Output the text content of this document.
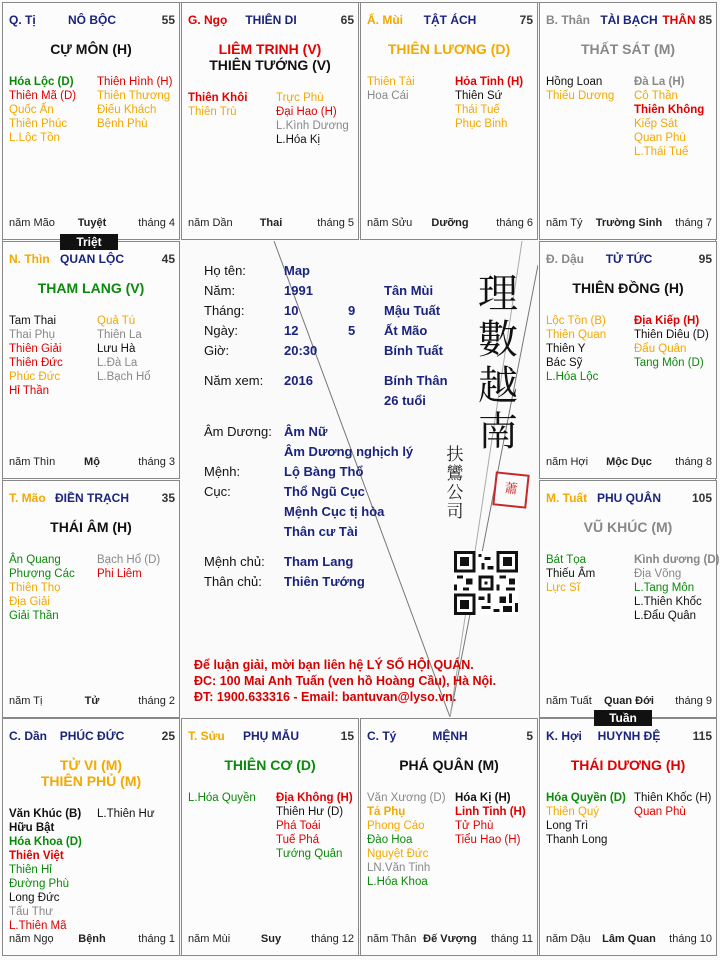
NÔ BỘC
Q. Tị	55
CỰ MÔN (H)
Hóa Lộc (D)
Thiên Mã (D)
Quốc Ấn
Thiên Phúc
L.Lộc Tồn
Thiên Hình (H)
Thiên Thương
Điếu Khách
Bệnh Phù
năm Mão	Tuyệt	tháng 4
THIÊN DI
G. Ngọ	65
LIÊM TRINH (V)
THIÊN TƯỚNG (V)
Thiên Khôi
Thiên Trù
Trực Phù
Đại Hao (H)
L.Kình Dương
L.Hóa Kị
năm Dần	Thai	tháng 5
TẬT ÁCH
Ấ. Mùi	75
THIÊN LƯƠNG (D)
Thiên Tài
Hoa Cái
Hỏa Tinh (H)
Thiên Sứ
Thái Tuế
Phục Binh
năm Sửu	Dưỡng	tháng 6
TÀI BẠCH
B. Thân	THÂN 85
THẤT SÁT (M)
Hồng Loan
Thiếu Dương
Đà La (H)
Cô Thần
Thiên Không
Kiếp Sát
Quan Phù
L.Thái Tuế
năm Tý	Trường Sinh	tháng 7
QUAN LỘC
N. Thìn	45
THAM LANG (V)
Tam Thai
Thai Phụ
Thiên Giải
Thiên Đức
Phúc Đức
Hỉ Thần
Quả Tú
Thiên La
Lưu Hà
L.Đà La
L.Bạch Hổ
năm Thìn	Mộ	tháng 3
TỬ TỨC
Đ. Dậu	95
THIÊN ĐỒNG (H)
Lộc Tồn (B)
Thiên Quan
Thiên Y
Bác Sỹ
L.Hóa Lộc
Địa Kiếp (H)
Thiên Diêu (D)
Đẩu Quân
Tang Môn (D)
năm Hợi	Mộc Dục	tháng 8
ĐIỀN TRẠCH
T. Mão	35
THÁI ÂM (H)
Ân Quang
Phượng Các
Thiên Thọ
Địa Giải
Giải Thần
Bạch Hổ (D)
Phi Liêm
năm Tị	Tử	tháng 2
PHU QUÂN
M. Tuất	105
VŨ KHÚC (M)
Bát Tọa
Thiếu Âm
Lực Sĩ
Kình dương (D)
Địa Võng
L.Tang Môn
L.Thiên Khốc
L.Đẩu Quân
năm Tuất	Quan Đới	tháng 9
PHÚC ĐỨC
C. Dần	25
TỬ VI (M)
THIÊN PHỦ (M)
Văn Khúc (B)
Hữu Bật
Hóa Khoa (D)
Thiên Việt
Thiên Hỉ
Đường Phù
Long Đức
Tấu Thư
L.Thiên Mã
L.Thiên Hư
năm Ngọ	Bệnh	tháng 1
PHỤ MẪU
T. Sửu	15
THIÊN CƠ (D)
L.Hóa Quyền Địa Không (H)
Thiên Hư (D)
Phá Toái
Tuế Phá
Tướng Quân
năm Mùi	Suy	tháng 12
MỆNH
C. Tý	5
PHÁ QUÂN (M)
Văn Xương (D)
Tả Phụ
Phong Cáo
Đào Hoa
Nguyệt Đức
LN.Văn Tinh
L.Hóa Khoa
Hóa Kị (H)
Linh Tinh (H)
Tử Phù
Tiểu Hao (H)
năm Thân Đế Vượng	tháng 11
HUYNH ĐỆ
K. Hợi	115
THÁI DƯƠNG (H)
Hóa Quyền (D)
Thiên Quý
Long Trì
Thanh Long
Thiên Khốc (H)
Quan Phù
năm Dậu	Lâm Quan	tháng 10
Triệt
Tuần
Họ tên:	Map
Năm:	1991	Tân Mùi
Tháng:	10	9 Mậu Tuất
Ngày:	12	5 Ất Mão
Giờ:	20:30	Bính Tuất
Năm xem: 2016	Bính Thân
26 tuổi
Âm Dương: Âm Nữ
Âm Dương nghịch lý
Mệnh:	Lộ Bàng Thổ
Cục:	Thổ Ngũ Cục
Mệnh Cục tị hòa
Thân cư Tài
Mệnh chủ: Tham Lang
Thân chủ: Thiên Tướng
理數越南
扶鸞公司
蕭
Để luận giải, mời bạn liên hệ LÝ SỐ HỘI QUÁN.
ĐC: 100 Mai Anh Tuấn (ven hồ Hoàng Cầu), Hà Nội.
ĐT: 1900.633316 - Email: bantuvan@lyso.vn.
